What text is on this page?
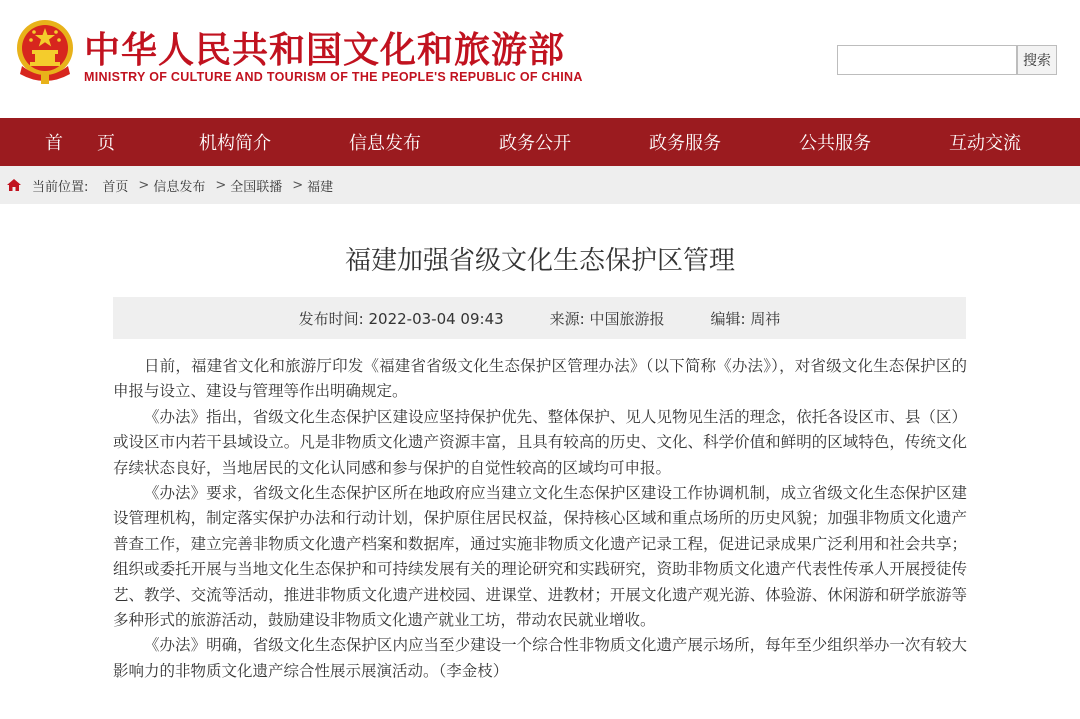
中华人民共和国文化和旅游部
MINISTRY OF CULTURE AND TOURISM OF THE PEOPLE'S REPUBLIC OF CHINA
搜索
首页	机构简介	信息发布	政务公开	政务服务	公共服务	互动交流
当前位置: 首页 > 信息发布 > 全国联播 > 福建
福建加强省级文化生态保护区管理
发布时间: 2022-03-04 09:43	来源: 中国旅游报	编辑: 周祎

日前，福建省文化和旅游厅印发《福建省省级文化生态保护区管理办法》（以下简称《办法》），对省级文化生态保护区的申报与设立、建设与管理等作出明确规定。

《办法》指出，省级文化生态保护区建设应坚持保护优先、整体保护、见人见物见生活的理念，依托各设区市、县（区）或设区市内若干县域设立。凡是非物质文化遗产资源丰富，且具有较高的历史、文化、科学价值和鲜明的区域特色，传统文化存续状态良好，当地居民的文化认同感和参与保护的自觉性较高的区域均可申报。

《办法》要求，省级文化生态保护区所在地政府应当建立文化生态保护区建设工作协调机制，成立省级文化生态保护区建设管理机构，制定落实保护办法和行动计划，保护原住居民权益，保持核心区域和重点场所的历史风貌；加强非物质文化遗产普查工作，建立完善非物质文化遗产档案和数据库，通过实施非物质文化遗产记录工程，促进记录成果广泛利用和社会共享；组织或委托开展与当地文化生态保护和可持续发展有关的理论研究和实践研究，资助非物质文化遗产代表性传承人开展授徒传艺、教学、交流等活动，推进非物质文化遗产进校园、进课堂、进教材；开展文化遗产观光游、体验游、休闲游和研学旅游等多种形式的旅游活动，鼓励建设非物质文化遗产就业工坊，带动农民就业增收。

《办法》明确，省级文化生态保护区内应当至少建设一个综合性非物质文化遗产展示场所，每年至少组织举办一次有较大影响力的非物质文化遗产综合性展示展演活动。（李金枝）
